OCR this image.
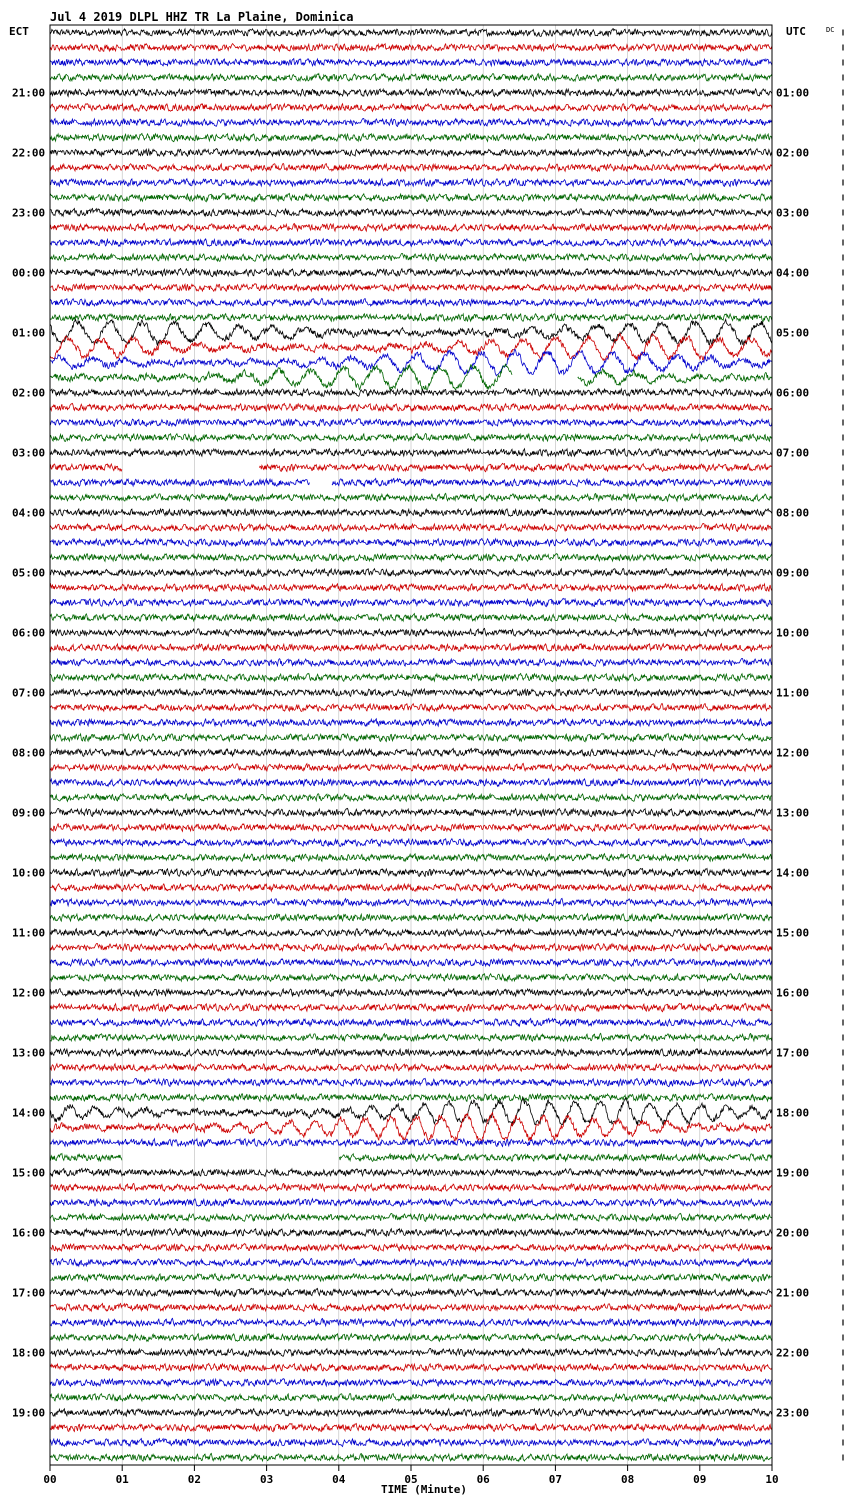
21:00
22:00
23:00
00:00
01:00
02:00
03:00
04:00
05:00
06:00
07:00
08:00
09:00
10:00
11:00
12:00
13:00
14:00
15:00
16:00
17:00
18:00
19:00
01:00
02:00
03:00
04:00
05:00
06:00
07:00
08:00
09:00
10:00
11:00
12:00
13:00
14:00
15:00
16:00
17:00
18:00
19:00
20:00
21:00
22:00
23:00
00	01	02	03	04	05	06	07	08	09	10
Jul 4 2019 DLPL HHZ TR La Plaine, Dominica
ECT	UTC	DC
TIME (Minute)
